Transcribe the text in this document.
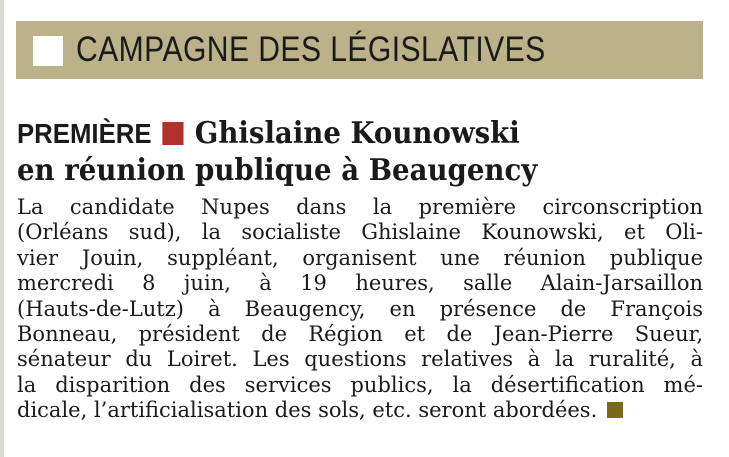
CAMPAGNE DES LÉGISLATIVES
PREMIÈRE Ghislaine Kounowski
en réunion publique à Beaugency
La candidate Nupes dans la première circonscription
(Orléans sud), la socialiste Ghislaine Kounowski, et Oli-
vier Jouin, suppléant, organisent une réunion publique
mercredi 8 juin, à 19 heures, salle Alain-Jarsaillon
(Hauts-de-Lutz) à Beaugency, en présence de François
Bonneau, président de Région et de Jean-Pierre Sueur,
sénateur du Loiret. Les questions relatives à la ruralité, à
la disparition des services publics, la désertification mé-
dicale, l’artificialisation des sols, etc. seront abordées.
